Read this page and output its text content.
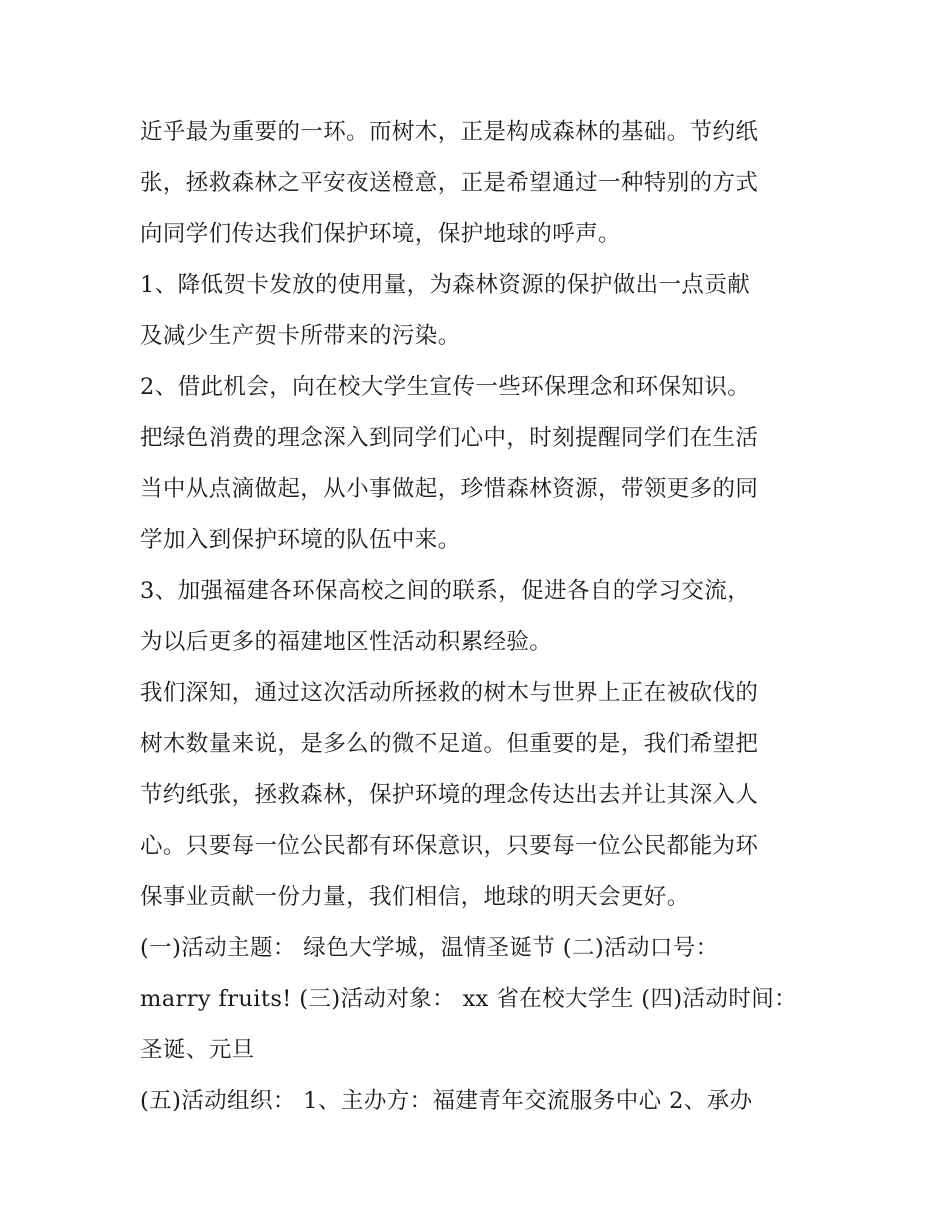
近乎最为重要的一环。而树木，正是构成森林的基础。节约纸
张，拯救森林之平安夜送橙意，正是希望通过一种特别的方式
向同学们传达我们保护环境，保护地球的呼声。
1、降低贺卡发放的使用量，为森林资源的保护做出一点贡献
及减少生产贺卡所带来的污染。
2、借此机会，向在校大学生宣传一些环保理念和环保知识。
把绿色消费的理念深入到同学们心中，时刻提醒同学们在生活
当中从点滴做起，从小事做起，珍惜森林资源，带领更多的同
学加入到保护环境的队伍中来。
3、加强福建各环保高校之间的联系，促进各自的学习交流，
为以后更多的福建地区性活动积累经验。
我们深知，通过这次活动所拯救的树木与世界上正在被砍伐的
树木数量来说，是多么的微不足道。但重要的是，我们希望把
节约纸张，拯救森林，保护环境的理念传达出去并让其深入人
心。只要每一位公民都有环保意识，只要每一位公民都能为环
保事业贡献一份力量，我们相信，地球的明天会更好。
(一)活动主题： 绿色大学城，温情圣诞节 (二)活动口号：
marry fruits! (三)活动对象： xx 省在校大学生 (四)活动时间：
圣诞、元旦
(五)活动组织： 1、主办方：福建青年交流服务中心 2、承办
